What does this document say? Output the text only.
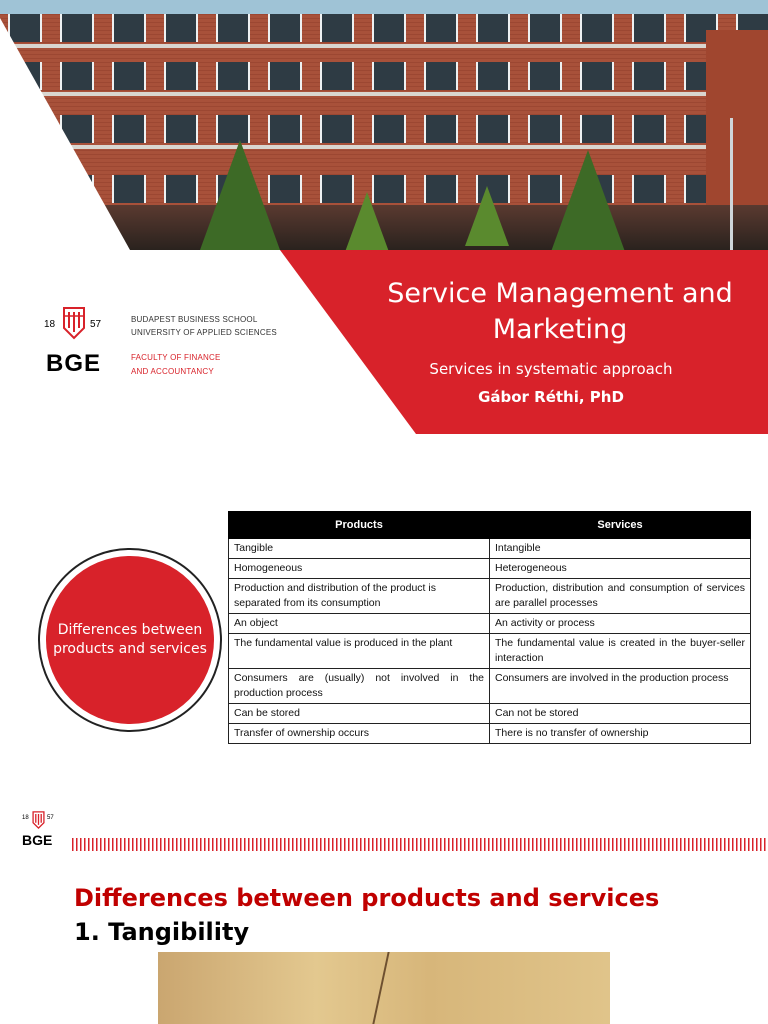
18	57
BGE
BUDAPEST BUSINESS SCHOOL
UNIVERSITY OF APPLIED SCIENCES
FACULTY OF FINANCE
AND ACCOUNTANCY
Service Management and Marketing
Services in systematic approach
Gábor Réthi, PhD
Differences between products and services
Products	Services
Tangible	Intangible
Homogeneous	Heterogeneous
Production and distribution of the product is separated from its consumption	Production, distribution and consumption of services are parallel processes
An object	An activity or process
The fundamental value is produced in the plant	The fundamental value is created in the buyer-seller interaction
Consumers are (usually) not involved in the production process	Consumers are involved in the production process
Can be stored	Can not be stored
Transfer of ownership occurs	There is no transfer of ownership
18	57
BGE
Differences between products and services
1. Tangibility
